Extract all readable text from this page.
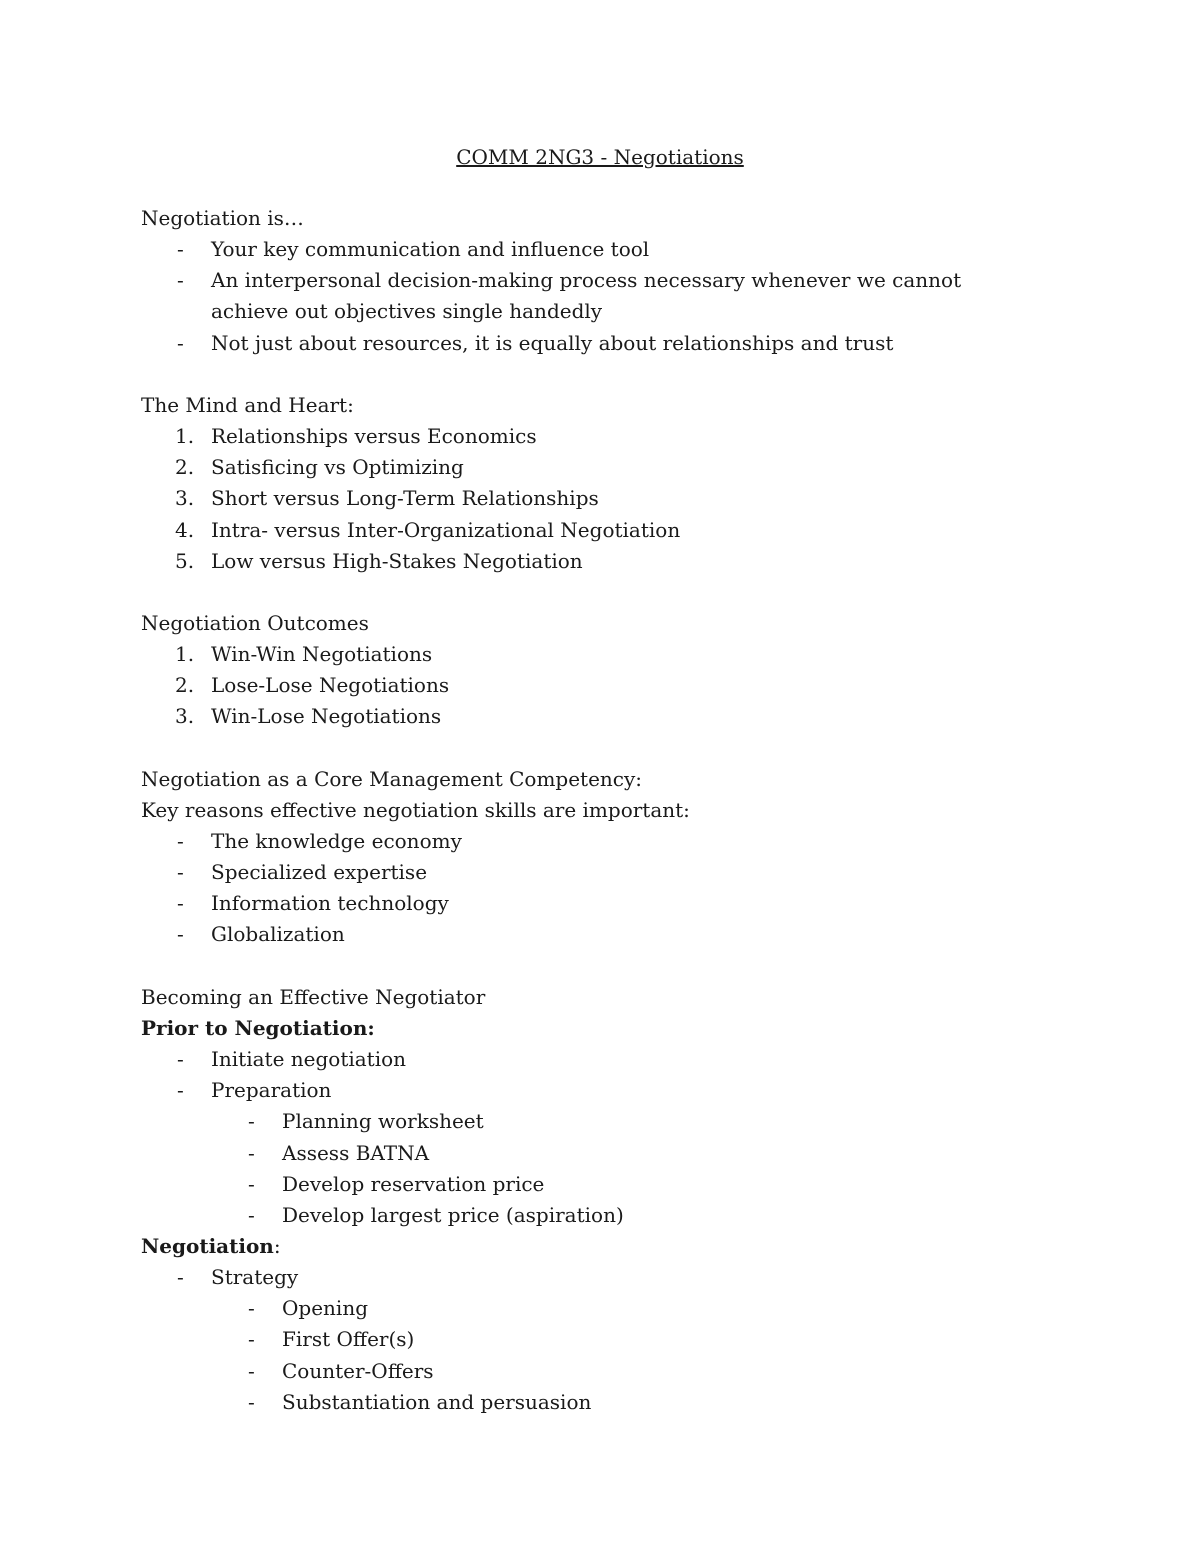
COMM 2NG3 - Negotiations
Negotiation is…
- Your key communication and influence tool
- An interpersonal decision-making process necessary whenever we cannot achieve out objectives single handedly
- Not just about resources, it is equally about relationships and trust
The Mind and Heart:
1. Relationships versus Economics
2. Satisficing vs Optimizing
3. Short versus Long-Term Relationships
4. Intra- versus Inter-Organizational Negotiation
5. Low versus High-Stakes Negotiation
Negotiation Outcomes
1. Win-Win Negotiations
2. Lose-Lose Negotiations
3. Win-Lose Negotiations
Negotiation as a Core Management Competency:
Key reasons effective negotiation skills are important:
- The knowledge economy
- Specialized expertise
- Information technology
- Globalization
Becoming an Effective Negotiator
Prior to Negotiation:
- Initiate negotiation
- Preparation
- Planning worksheet
- Assess BATNA
- Develop reservation price
- Develop largest price (aspiration)
Negotiation:
- Strategy
- Opening
- First Offer(s)
- Counter-Offers
- Substantiation and persuasion
